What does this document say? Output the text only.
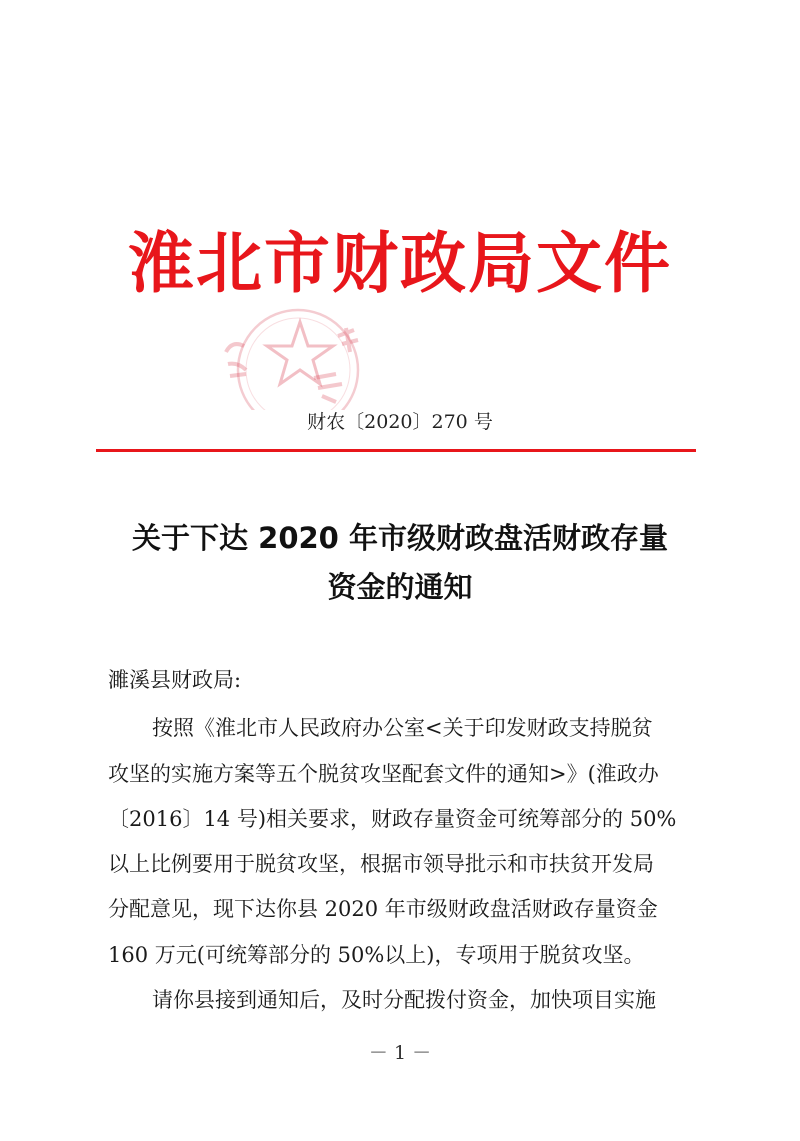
淮北市财政局文件
财农〔2020〕270 号
关于下达 2020 年市级财政盘活财政存量
资金的通知
濉溪县财政局:
按照《淮北市人民政府办公室<关于印发财政支持脱贫
攻坚的实施方案等五个脱贫攻坚配套文件的通知>》(淮政办
〔2016〕14 号)相关要求，财政存量资金可统筹部分的 50%
以上比例要用于脱贫攻坚，根据市领导批示和市扶贫开发局
分配意见，现下达你县 2020 年市级财政盘活财政存量资金
160 万元(可统筹部分的 50%以上)，专项用于脱贫攻坚。
请你县接到通知后，及时分配拨付资金，加快项目实施
－ 1 －
